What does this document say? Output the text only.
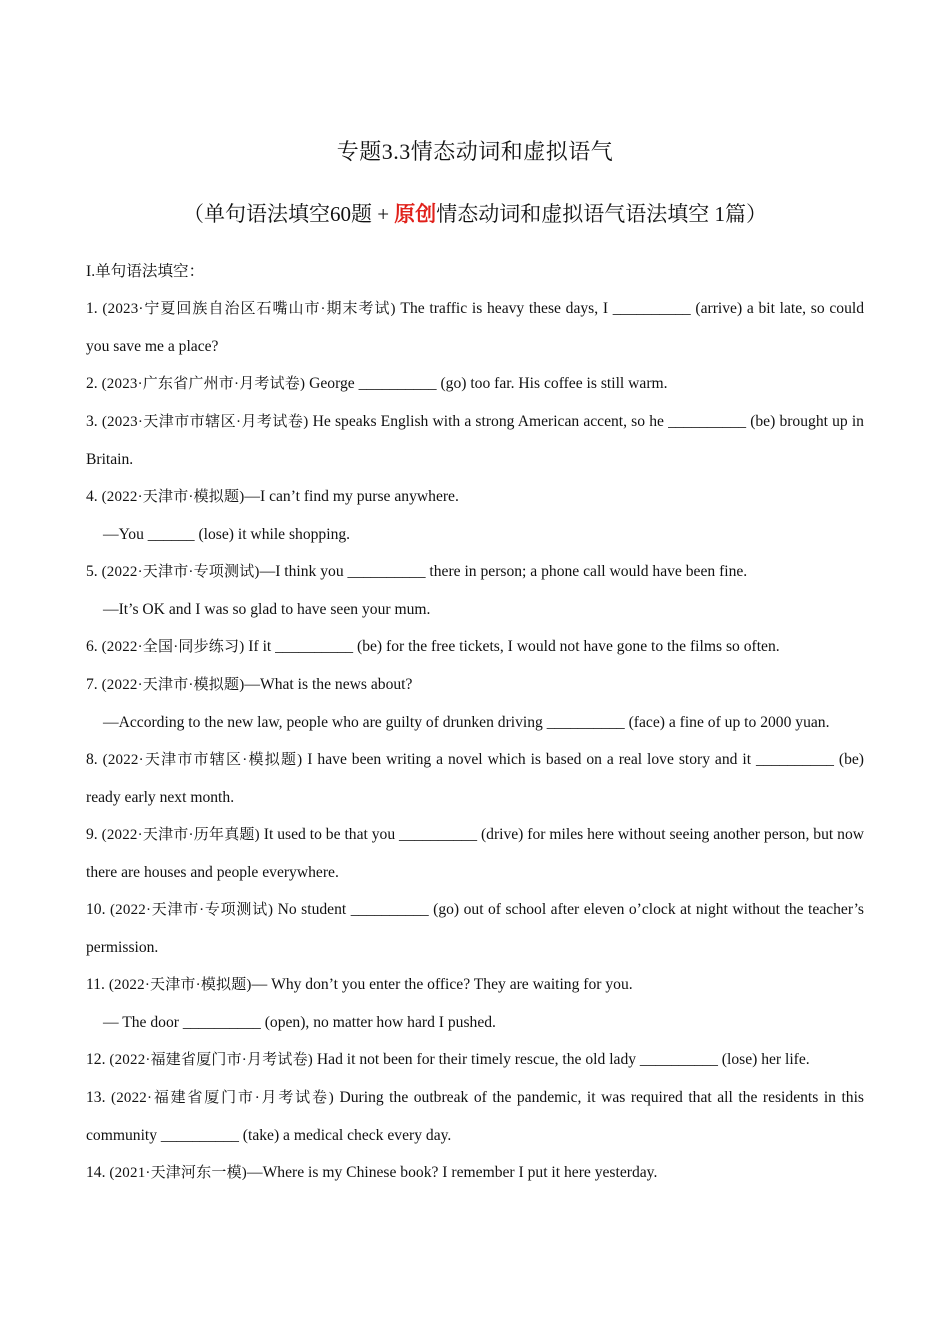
专题3.3情态动词和虚拟语气
（单句语法填空60题 + 原创情态动词和虚拟语气语法填空 1篇）

I.单句语法填空：

1. (2023·宁夏回族自治区石嘴山市·期末考试) The traffic is heavy these days, I __________ (arrive) a bit late, so could you save me a place?

2. (2023·广东省广州市·月考试卷) George __________ (go) too far. His coffee is still warm.

3. (2023·天津市市辖区·月考试卷) He speaks English with a strong American accent, so he __________ (be) brought up in Britain.

4. (2022·天津市·模拟题)—I can’t find my purse anywhere.

—You ______ (lose) it while shopping.

5. (2022·天津市·专项测试)—I think you __________ there in person; a phone call would have been fine.

—It’s OK and I was so glad to have seen your mum.

6. (2022·全国·同步练习) If it __________ (be) for the free tickets, I would not have gone to the films so often.

7. (2022·天津市·模拟题)—What is the news about?

—According to the new law, people who are guilty of drunken driving __________ (face) a fine of up to 2000 yuan.

8. (2022·天津市市辖区·模拟题) I have been writing a novel which is based on a real love story and it __________ (be) ready early next month.

9. (2022·天津市·历年真题) It used to be that you __________ (drive) for miles here without seeing another person, but now there are houses and people everywhere.

10. (2022·天津市·专项测试) No student __________ (go) out of school after eleven o’clock at night without the teacher’s permission.

11. (2022·天津市·模拟题)— Why don’t you enter the office? They are waiting for you.

— The door __________ (open), no matter how hard I pushed.

12. (2022·福建省厦门市·月考试卷) Had it not been for their timely rescue, the old lady __________ (lose) her life.

13. (2022·福建省厦门市·月考试卷) During the outbreak of the pandemic, it was required that all the residents in this community __________ (take) a medical check every day.

14. (2021·天津河东一模)—Where is my Chinese book? I remember I put it here yesterday.
